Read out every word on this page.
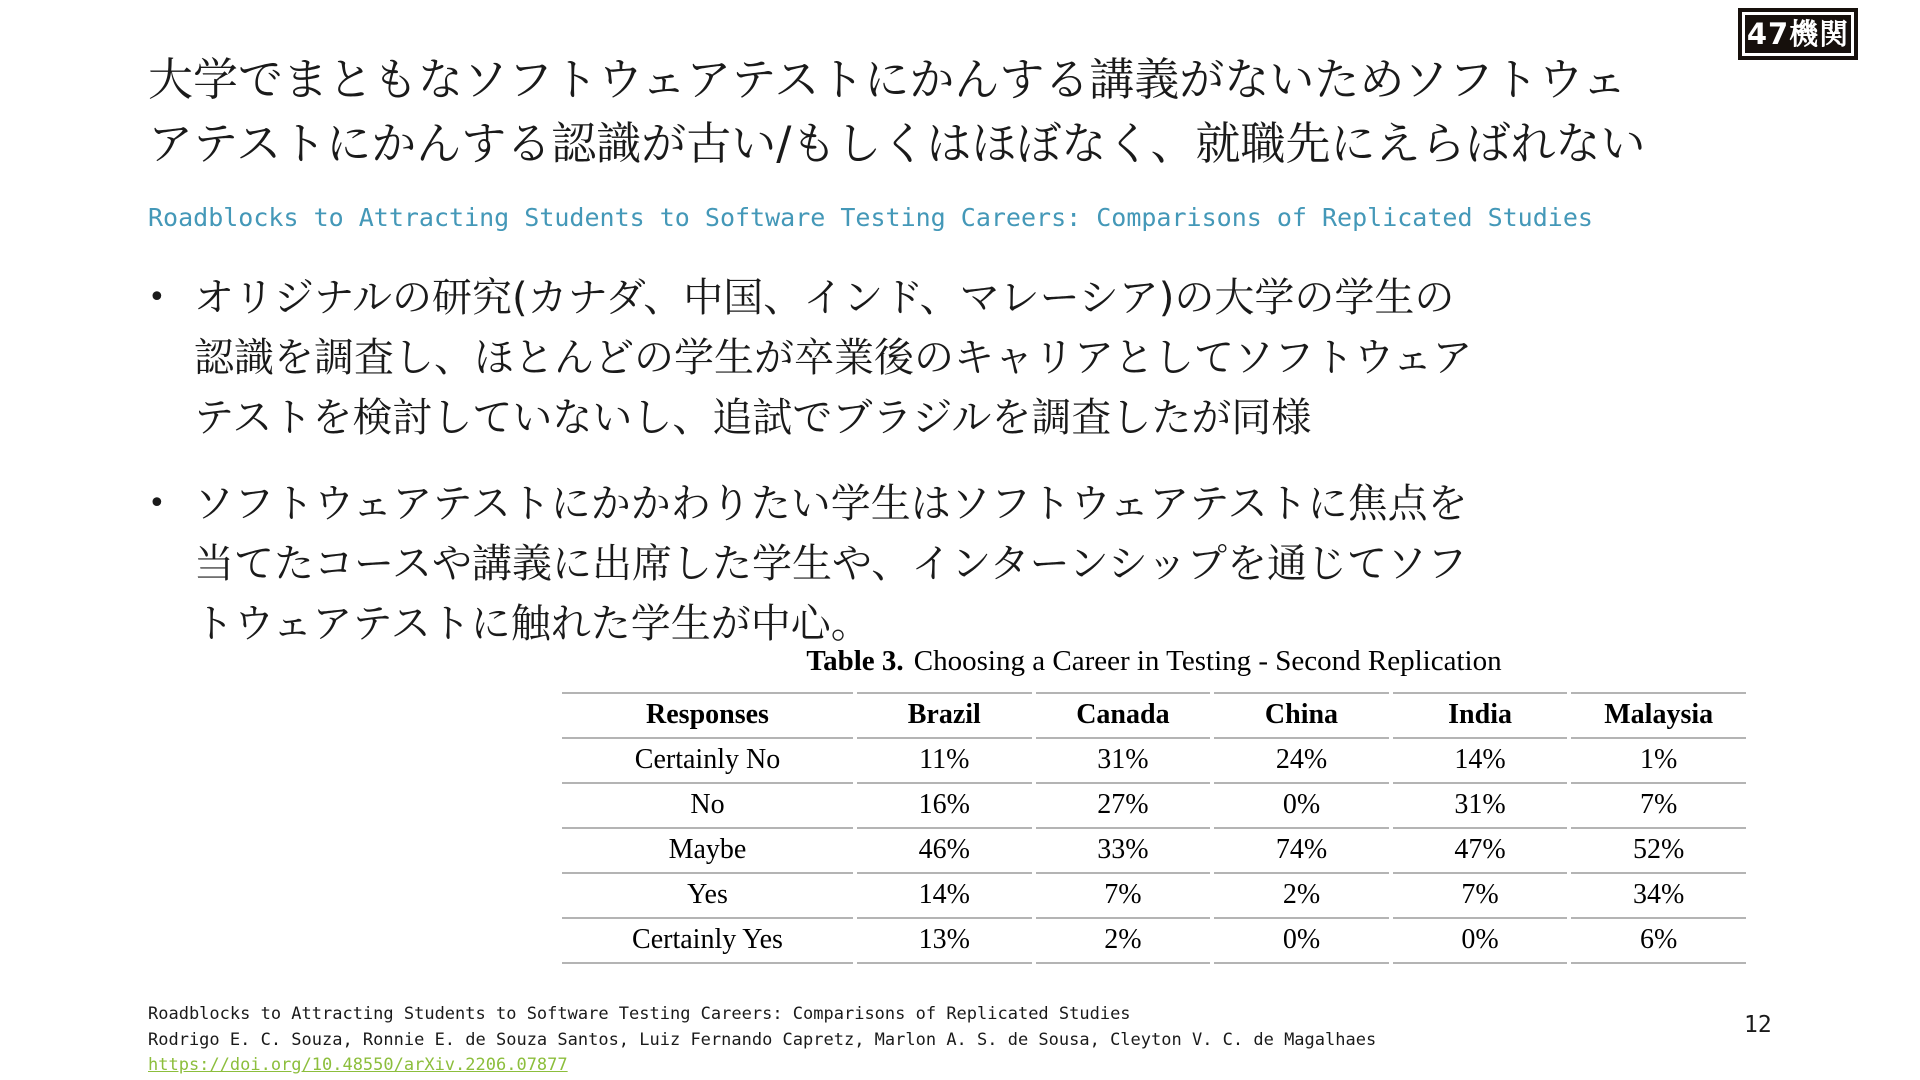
47機関
大学でまともなソフトウェアテストにかんする講義がないためソフトウェ
アテストにかんする認識が古い/もしくはほぼなく、就職先にえらばれない
Roadblocks to Attracting Students to Software Testing Careers: Comparisons of Replicated Studies
• オリジナルの研究(カナダ、中国、インド、マレーシア)の大学の学生の
認識を調査し、ほとんどの学生が卒業後のキャリアとしてソフトウェア
テストを検討していないし、追試でブラジルを調査したが同様
• ソフトウェアテストにかかわりたい学生はソフトウェアテストに焦点を
当てたコースや講義に出席した学生や、インターンシップを通じてソフ
トウェアテストに触れた学生が中心。
Table 3. Choosing a Career in Testing - Second Replication
Responses	Brazil	Canada	China	India	Malaysia
Certainly No	11%	31%	24%	14%	1%
No	16%	27%	0%	31%	7%
Maybe	46%	33%	74%	47%	52%
Yes	14%	7%	2%	7%	34%
Certainly Yes	13%	2%	0%	0%	6%
Roadblocks to Attracting Students to Software Testing Careers: Comparisons of Replicated Studies
Rodrigo E. C. Souza, Ronnie E. de Souza Santos, Luiz Fernando Capretz, Marlon A. S. de Sousa, Cleyton V. C. de Magalhaes
https://doi.org/10.48550/arXiv.2206.07877
12
